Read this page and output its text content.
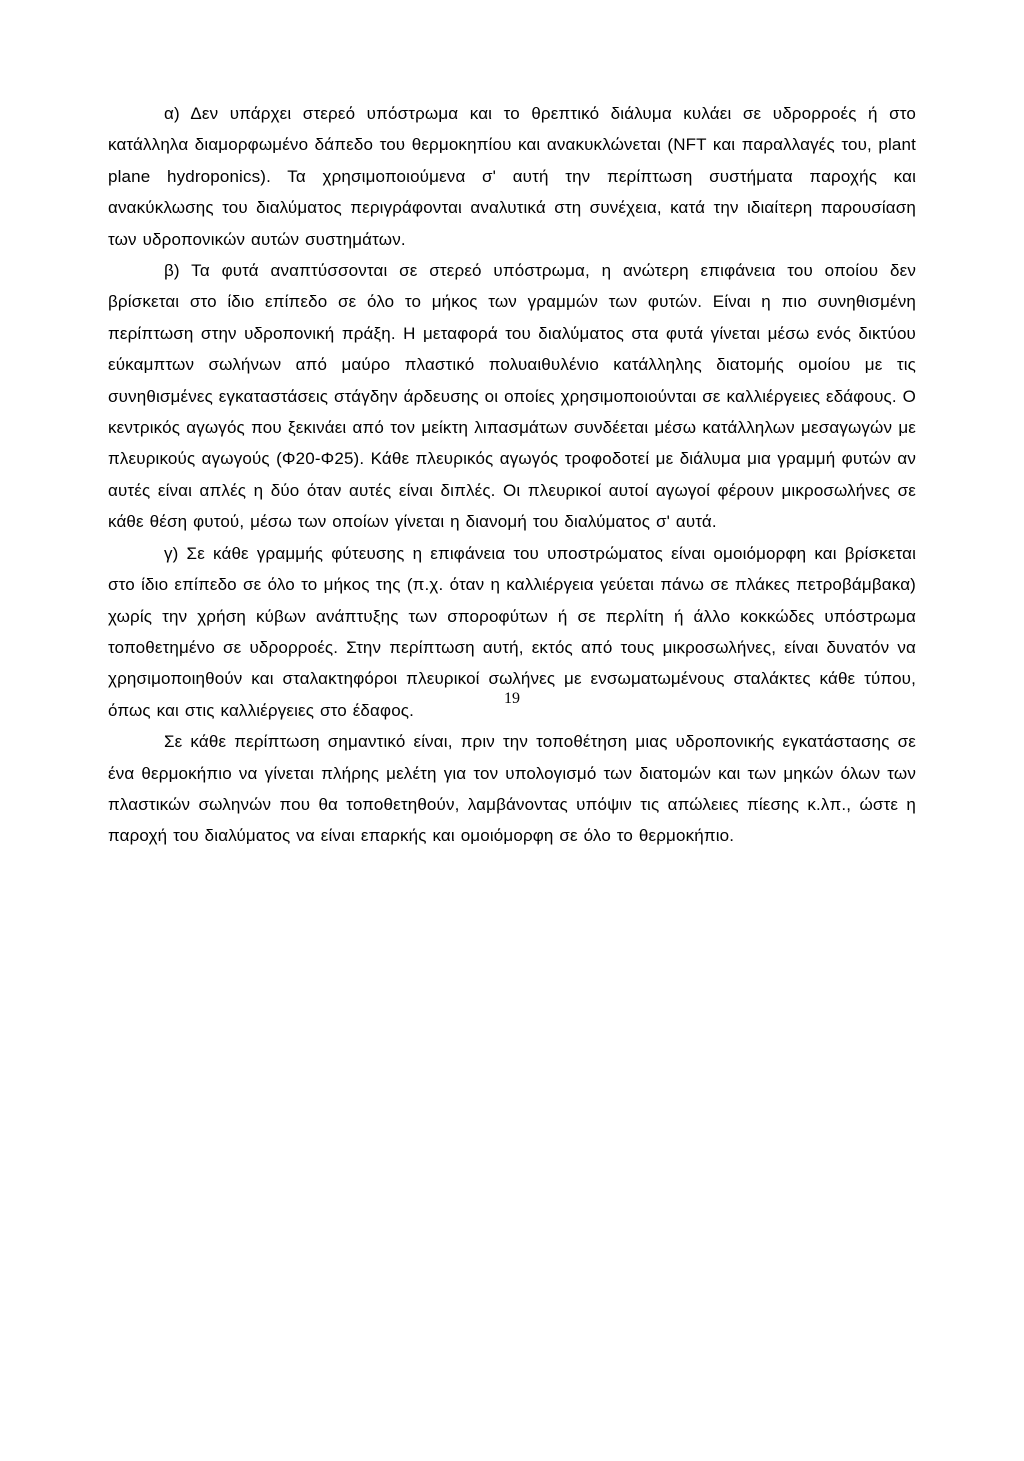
α) Δεν υπάρχει στερεό υπόστρωμα και το θρεπτικό διάλυμα κυλάει σε υδρορροές ή στο κατάλληλα διαμορφωμένο δάπεδο του θερμοκηπίου και ανακυκλώνεται (NFT και παραλλαγές του, plant plane hydroponics). Τα χρησιμοποιούμενα σ' αυτή την περίπτωση συστήματα παροχής και ανακύκλωσης του διαλύματος περιγράφονται αναλυτικά στη συνέχεια, κατά την ιδιαίτερη παρουσίαση των υδροπονικών αυτών συστημάτων.

β) Τα φυτά αναπτύσσονται σε στερεό υπόστρωμα, η ανώτερη επιφάνεια του οποίου δεν βρίσκεται στο ίδιο επίπεδο σε όλο το μήκος των γραμμών των φυτών. Είναι η πιο συνηθισμένη περίπτωση στην υδροπονική πράξη. Η μεταφορά του διαλύματος στα φυτά γίνεται μέσω ενός δικτύου εύκαμπτων σωλήνων από μαύρο πλαστικό πολυαιθυλένιο κατάλληλης διατομής ομοίου με τις συνηθισμένες εγκαταστάσεις στάγδην άρδευσης οι οποίες χρησιμοποιούνται σε καλλιέργειες εδάφους. Ο κεντρικός αγωγός που ξεκινάει από τον μείκτη λιπασμάτων συνδέεται μέσω κατάλληλων μεσαγωγών με πλευρικούς αγωγούς (Φ20-Φ25). Κάθε πλευρικός αγωγός τροφοδοτεί με διάλυμα μια γραμμή φυτών αν αυτές είναι απλές η δύο όταν αυτές είναι διπλές. Οι πλευρικοί αυτοί αγωγοί φέρουν μικροσωλήνες σε κάθε θέση φυτού, μέσω των οποίων γίνεται η διανομή του διαλύματος σ' αυτά.

γ) Σε κάθε γραμμής φύτευσης η επιφάνεια του υποστρώματος είναι ομοιόμορφη και βρίσκεται στο ίδιο επίπεδο σε όλο το μήκος της (π.χ. όταν η καλλιέργεια γεύεται πάνω σε πλάκες πετροβάμβακα) χωρίς την χρήση κύβων ανάπτυξης των σποροφύτων ή σε περλίτη ή άλλο κοκκώδες υπόστρωμα τοποθετημένο σε υδρορροές. Στην περίπτωση αυτή, εκτός από τους μικροσωλήνες, είναι δυνατόν να χρησιμοποιηθούν και σταλακτηφόροι πλευρικοί σωλήνες με ενσωματωμένους σταλάκτες κάθε τύπου, όπως και στις καλλιέργειες στο έδαφος.

Σε κάθε περίπτωση σημαντικό είναι, πριν την τοποθέτηση μιας υδροπονικής εγκατάστασης σε ένα θερμοκήπιο να γίνεται πλήρης μελέτη για τον υπολογισμό των διατομών και των μηκών όλων των πλαστικών σωληνών που θα τοποθετηθούν, λαμβάνοντας υπόψιν τις απώλειες πίεσης κ.λπ., ώστε η παροχή του διαλύματος να είναι επαρκής και ομοιόμορφη σε όλο το θερμοκήπιο.

19
